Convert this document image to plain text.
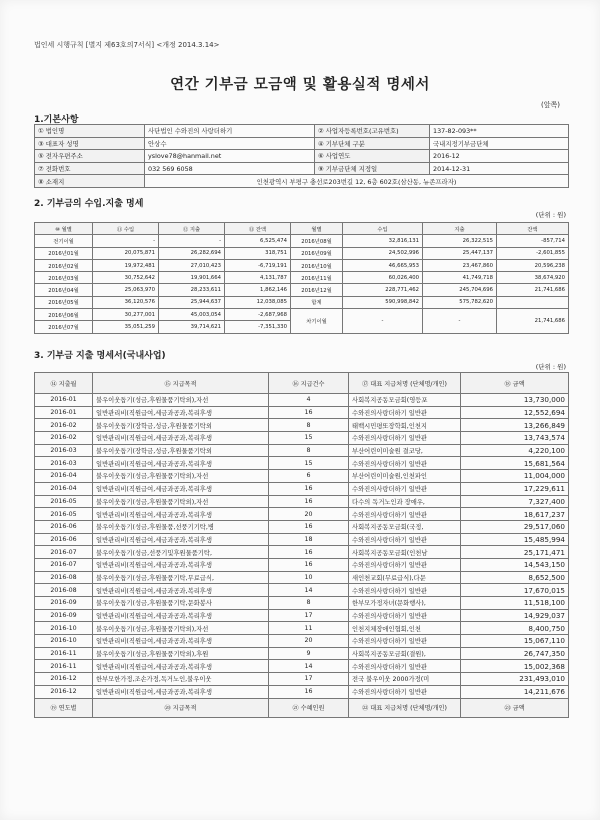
법인세 시행규칙 [별지 제63호의7서식] <개정 2014.3.14>
연간 기부금 모금액 및 활용실적 명세서
(앞쪽)
1.기본사항
① 법인명	사단법인 수와진의 사랑더하기	② 사업자등록번호(고유번호)	137-82-093**
③ 대표자 성명	안상수	④ 기부단체 구분	국내지정기부금단체
⑤ 전자우편주소	yslove78@hanmail.net	⑥ 사업연도	2016-12
⑦ 전화번호	032 569 6058	⑨ 기부금단체 지정일	2014-12-31
⑧ 소재지	인천광역시 부평구 충선로203번길 12, 6층 602호(삼산동, 뉴존프라자)		
2. 기부금의 수입.지출 명세
(단위 : 원)
⑩ 월별	⑪ 수입	⑫ 지출	⑬ 잔액	월별	수입	지출	잔액
전기이월	-	-	6,525,474	2016년08월	32,816,131	26,322,515	-857,714
2016년01월	20,075,871	26,282,694	318,751	2016년09월	24,502,996	25,447,137	-2,601,855
2016년02월	19,972,481	27,010,423	-6,719,191	2016년10월	46,665,953	23,467,860	20,596,238
2016년03월	30,752,642	19,901,664	4,131,787	2016년11월	60,026,400	41,749,718	38,674,920
2016년04월	25,063,970	28,233,611	1,862,146	2016년12월	228,771,462	245,704,696	21,741,686
2016년05월	36,120,576	25,944,637	12,038,085	합계	590,998,842	575,782,620	
2016년06월	30,277,001	45,003,054	-2,687,968	차기이월	-	-	21,741,686
2016년07월	35,051,259	39,714,621	-7,351,330				
3. 기부금 지출 명세서(국내사업)
(단위 : 원)
⑭ 지출월	⑮ 지급목적	⑯ 지급건수	⑰ 대표 지급처명 (단체명/개인)	⑱ 금액
2016-01	불우이웃돕기(성금,후원물품기탁외),자선	4	사회복지공동모금회(영등포	13,730,000
2016-01	일반관리비(직원급여,세금과공과,복리후생	16	수와진의사랑더하기 일반관	12,552,694
2016-02	불우이웃돕기(장학금,성금,후원물품기탁외	8	태백시민평또장학회,인천지	13,266,849
2016-02	일반관리비(직원급여,세금과공과,복리후생	15	수와진의사랑더하기 일반관	13,743,574
2016-03	불우이웃돕기(장학금,성금,후원물품기탁외	8	부산어린이미술원 결코당,	4,220,100
2016-03	일반관리비(직원급여,세금과공과,복리후생	15	수와진의사랑더하기 일반관	15,681,564
2016-04	불우이웃돕기(성금,후원물품기탁외),자선	6	부산어린이미술원,인천파인	11,004,000
2016-04	일반관리비(직원급여,세금과공과,복리후생	16	수와진의사랑더하기 일반관	17,229,611
2016-05	불우이웃돕기(성금,후원물품기탁외),자선	16	다수의 독거노인과 장애우,	7,327,400
2016-05	일반관리비(직원급여,세금과공과,복리후생	20	수와진의사랑더하기 일반관	18,617,237
2016-06	불우이웃돕기(성금,후원물품,선풍기기탁,병	16	사회복지공동모금회(국정,	29,517,060
2016-06	일반관리비(직원급여,세금과공과,복리후생	18	수와진의사랑더하기 일반관	15,485,994
2016-07	불우이웃돕기(성금,선풍기및후원물품기탁,	16	사회복지공동모금회(인천남	25,171,471
2016-07	일반관리비(직원급여,세금과공과,복리후생	16	수와진의사랑더하기 일반관	14,543,150
2016-08	불우이웃돕기(성금,후원물품기탁,무료급식,	10	새인천교회(무료급식),다문	8,652,500
2016-08	일반관리비(직원급여,세금과공과,복리후생	14	수와진의사랑더하기 일반관	17,670,015
2016-09	불우이웃돕기(성금,후원물품기탁,문화봉사	8	한부모가정자녀(문화행사),	11,518,100
2016-09	일반관리비(직원급여,세금과공과,복리후생	17	수와진의사랑더하기 일반관	14,929,037
2016-10	불우이웃돕기(성금,후원물품기탁외),자선	11	인천지체장애인협회,인천	8,400,750
2016-10	일반관리비(직원급여,세금과공과,복리후생	20	수와진의사랑더하기 일반관	15,067,110
2016-11	불우이웃돕기(성금,후원물품기탁외),후원	9	사회복지공동모금회(결원),	26,747,350
2016-11	일반관리비(직원급여,세금과공과,복리후생	14	수와진의사랑더하기 일반관	15,002,368
2016-12	한부모한가정,조손가정,독거노인,불우이웃	17	전국 불우이웃 2000가정(미	231,493,010
2016-12	일반관리비(직원급여,세금과공과,복리후생	16	수와진의사랑더하기 일반관	14,211,676
⑲ 연도별	⑳ 지급목적	㉑ 수혜인원	㉒ 대표 지급처명 (단체명/개인)	㉓ 금액
